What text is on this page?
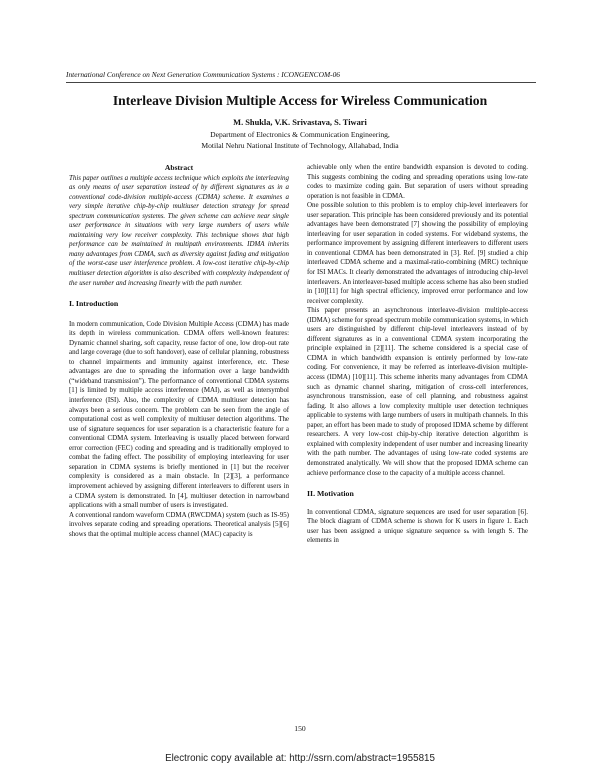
International Conference on Next Generation Communication Systems : ICONGENCOM-06
Interleave Division Multiple Access for Wireless Communication
M. Shukla, V.K. Srivastava, S. Tiwari
Department of Electronics & Communication Engineering,
Motilal Nehru National Institute of Technology, Allahabad, India
Abstract

This paper outlines a multiple access technique which exploits the interleaving as only means of user separation instead of by different signatures as in a conventional code-division multiple-access (CDMA) scheme. It examines a very simple iterative chip-by-chip multiuser detection strategy for spread spectrum communication systems. The given scheme can achieve near single user performance in situations with very large numbers of users while maintaining very low receiver complexity. This technique shows that high performance can be maintained in multipath environments. IDMA inherits many advantages from CDMA, such as diversity against fading and mitigation of the worst-case user interference problem. A low-cost iterative chip-by-chip multiuser detection algorithm is also described with complexity independent of the user number and increasing linearly with the path number.

I. Introduction

In modern communication, Code Division Multiple Access (CDMA) has made its depth in wireless communication. CDMA offers well-known features: Dynamic channel sharing, soft capacity, reuse factor of one, low drop-out rate and large coverage (due to soft handover), ease of cellular planning, robustness to channel impairments and immunity against interference, etc. These advantages are due to spreading the information over a large bandwidth (“wideband transmission”). The performance of conventional CDMA systems [1] is limited by multiple access interference (MAI), as well as intersymbol interference (ISI). Also, the complexity of CDMA multiuser detection has always been a serious concern. The problem can be seen from the angle of computational cost as well complexity of multiuser detection algorithms. The use of signature sequences for user separation is a characteristic feature for a conventional CDMA system. Interleaving is usually placed between forward error correction (FEC) coding and spreading and is traditionally employed to combat the fading effect. The possibility of employing interleaving for user separation in CDMA systems is briefly mentioned in [1] but the receiver complexity is considered as a main obstacle. In [2][3], a performance improvement achieved by assigning different interleavers to different users in a CDMA system is demonstrated. In [4], multiuser detection in narrowband applications with a small number of users is investigated.

A conventional random waveform CDMA (RWCDMA) system (such as IS-95) involves separate coding and spreading operations. Theoretical analysis [5][6] shows that the optimal multiple access channel (MAC) capacity is

achievable only when the entire bandwidth expansion is devoted to coding. This suggests combining the coding and spreading operations using low-rate codes to maximize coding gain. But separation of users without spreading operation is not feasible in CDMA.

One possible solution to this problem is to employ chip-level interleavers for user separation. This principle has been considered previously and its potential advantages have been demonstrated [7] showing the possibility of employing interleaving for user separation in coded systems. For wideband systems, the performance improvement by assigning different interleavers to different users in conventional CDMA has been demonstrated in [3]. Ref. [9] studied a chip interleaved CDMA scheme and a maximal-ratio-combining (MRC) technique for ISI MACs. It clearly demonstrated the advantages of introducing chip-level interleavers. An interleaver-based multiple access scheme has also been studied in [10][11] for high spectral efficiency, improved error performance and low receiver complexity.

This paper presents an asynchronous interleave-division multiple-access (IDMA) scheme for spread spectrum mobile communication systems, in which users are distinguished by different chip-level interleavers instead of by different signatures as in a conventional CDMA system incorporating the principle explained in [2][11]. The scheme considered is a special case of CDMA in which bandwidth expansion is entirely performed by low-rate coding. For convenience, it may be referred as interleave-division multiple-access (IDMA) [10][11]. This scheme inherits many advantages from CDMA such as dynamic channel sharing, mitigation of cross-cell interferences, asynchronous transmission, ease of cell planning, and robustness against fading. It also allows a low complexity multiple user detection techniques applicable to systems with large numbers of users in multipath channels. In this paper, an effort has been made to study of proposed IDMA scheme by different researchers. A very low-cost chip-by-chip iterative detection algorithm is explained with complexity independent of user number and increasing linearity with the path number. The advantages of using low-rate coded systems are demonstrated analytically. We will show that the proposed IDMA scheme can achieve performance close to the capacity of a multiple access channel.

II. Motivation

In conventional CDMA, signature sequences are used for user separation [6]. The block diagram of CDMA scheme is shown for K users in figure 1. Each user has been assigned a unique signature sequence sₖ with length S. The elements in

150
Electronic copy available at: http://ssrn.com/abstract=1955815
